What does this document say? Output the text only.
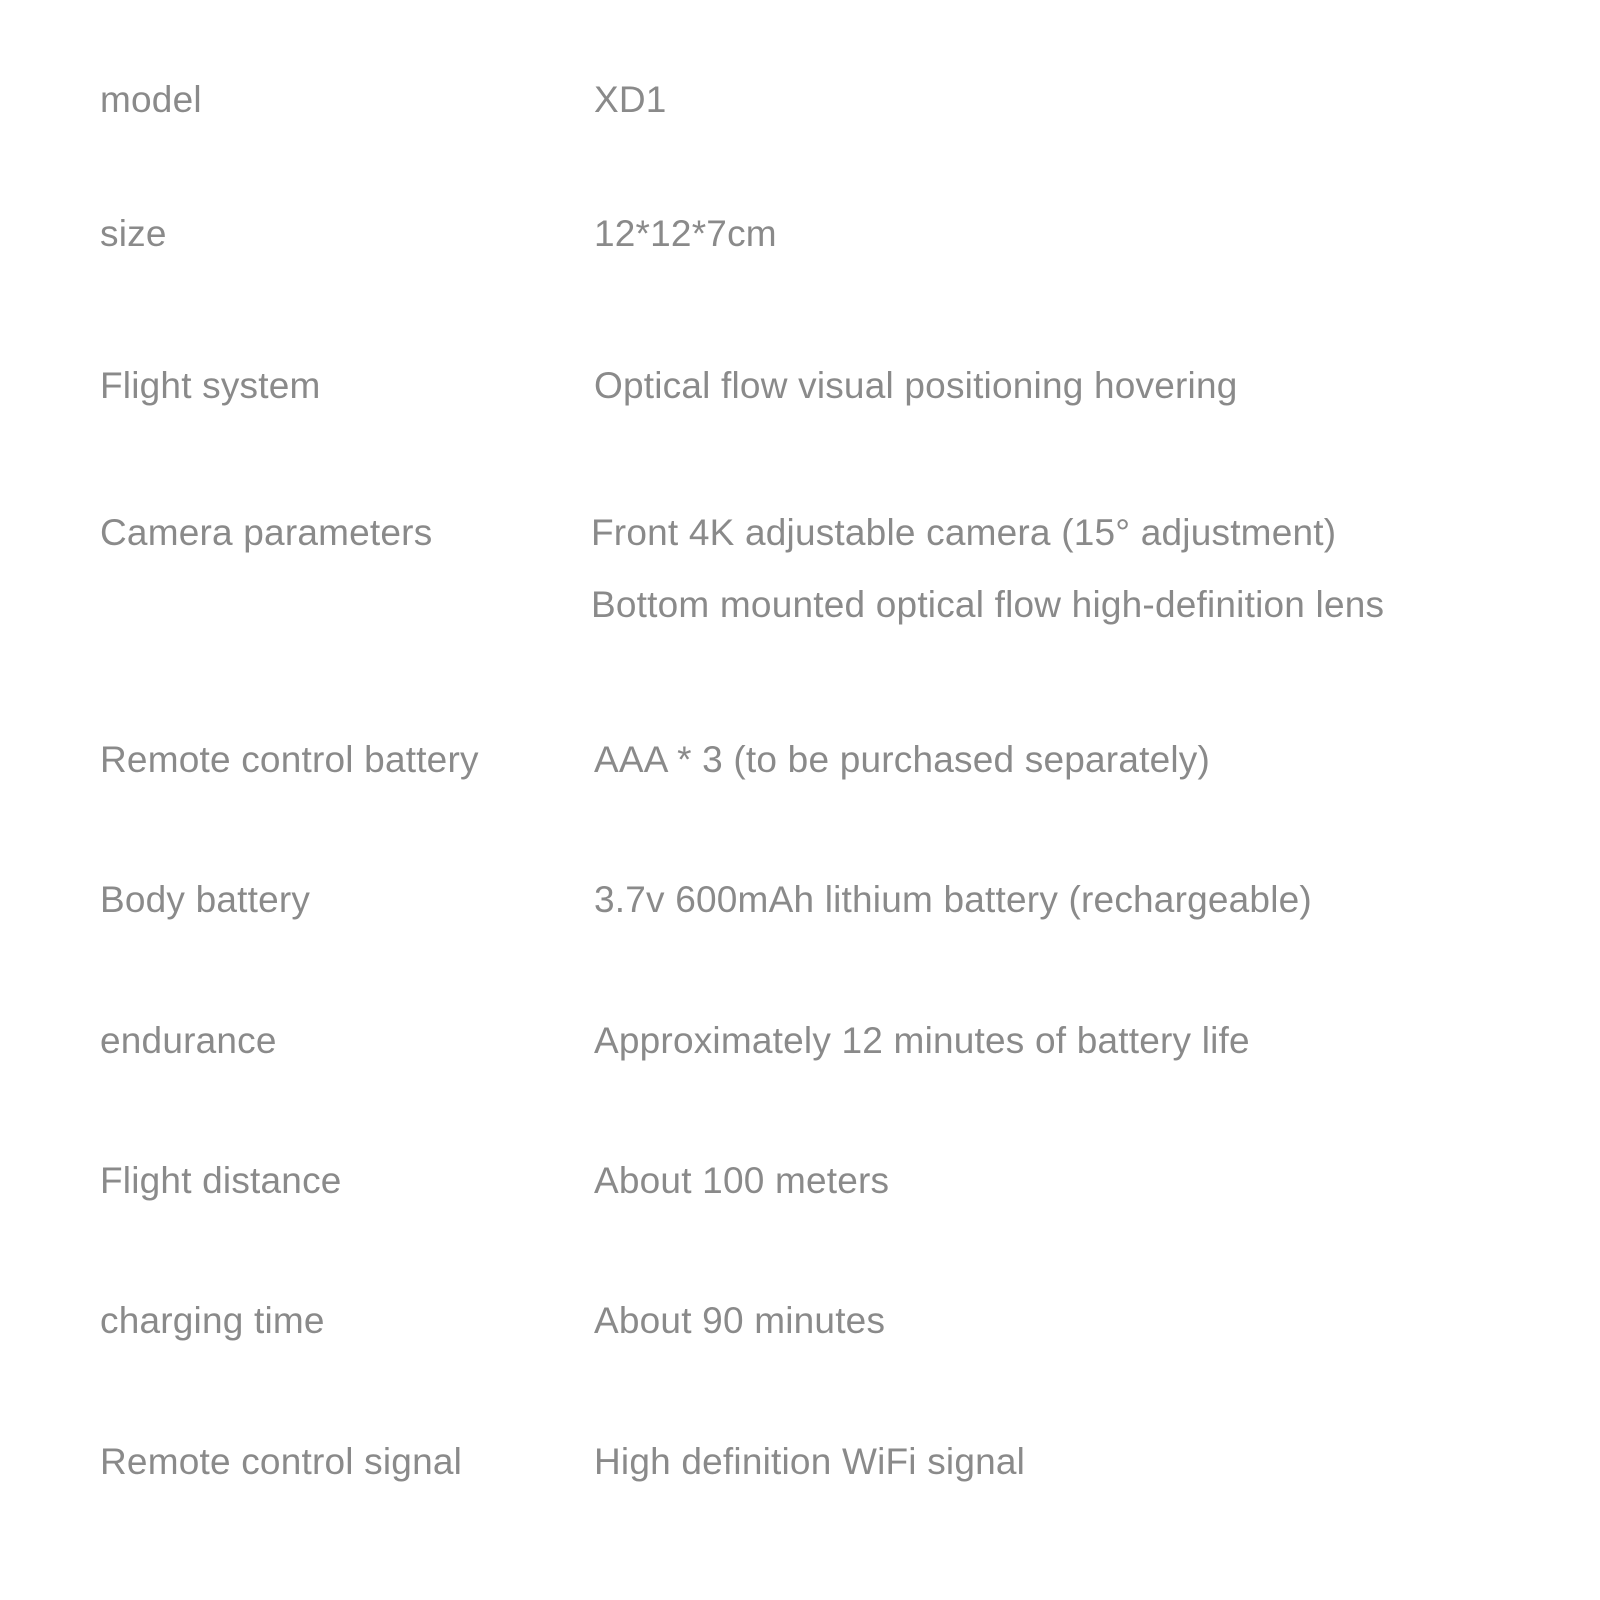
model	XD1
size	12*12*7cm
Flight system	Optical flow visual positioning hovering
Camera parameters	Front 4K adjustable camera (15° adjustment)
Bottom mounted optical flow high-definition lens
Remote control battery	AAA * 3 (to be purchased separately)
Body battery	3.7v 600mAh lithium battery (rechargeable)
endurance	Approximately 12 minutes of battery life
Flight distance	About 100 meters
charging time	About 90 minutes
Remote control signal	High definition WiFi signal
